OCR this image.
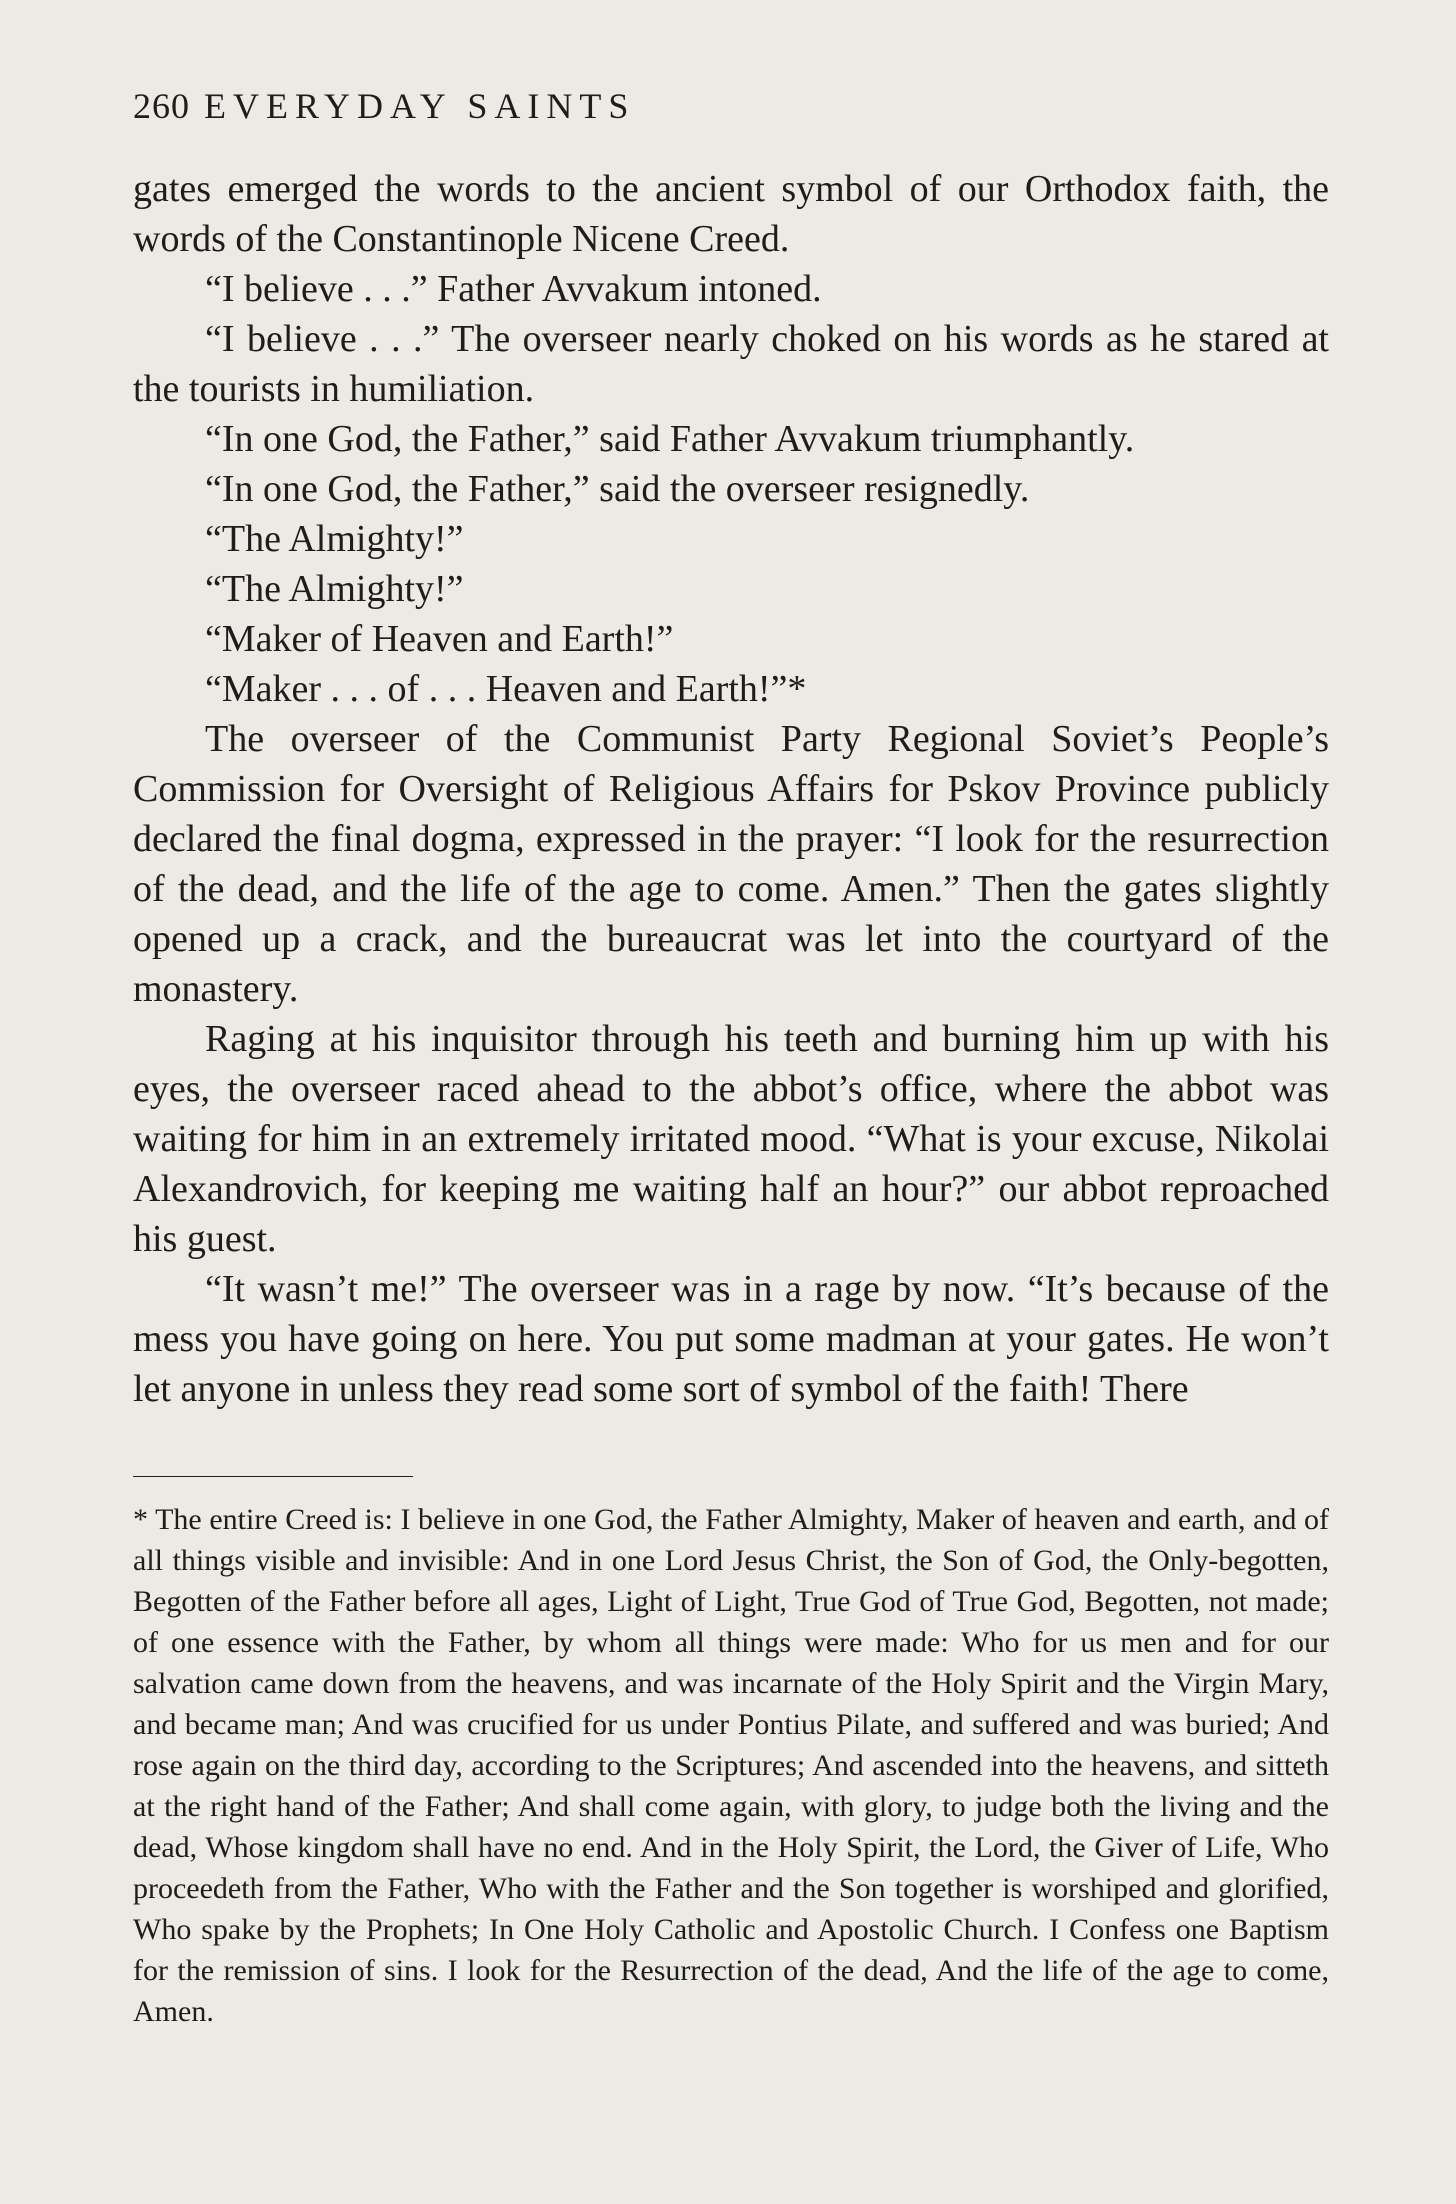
260 EVERYDAY SAINTS

gates emerged the words to the ancient symbol of our Orthodox faith, the words of the Constantinople Nicene Creed.

“I believe . . .” Father Avvakum intoned.

“I believe . . .” The overseer nearly choked on his words as he stared at the tourists in humiliation.

“In one God, the Father,” said Father Avvakum triumphantly.

“In one God, the Father,” said the overseer resignedly.

“The Almighty!”

“The Almighty!”

“Maker of Heaven and Earth!”

“Maker . . . of . . . Heaven and Earth!”*

The overseer of the Communist Party Regional Soviet’s People’s Commission for Oversight of Religious Affairs for Pskov Province publicly declared the final dogma, expressed in the prayer: “I look for the resurrection of the dead, and the life of the age to come. Amen.” Then the gates slightly opened up a crack, and the bureaucrat was let into the courtyard of the monastery.

Raging at his inquisitor through his teeth and burning him up with his eyes, the overseer raced ahead to the abbot’s office, where the abbot was waiting for him in an extremely irritated mood. “What is your excuse, Nikolai Alexandrovich, for keeping me waiting half an hour?” our abbot reproached his guest.

“It wasn’t me!” The overseer was in a rage by now. “It’s because of the mess you have going on here. You put some madman at your gates. He won’t let anyone in unless they read some sort of symbol of the faith! There

* The entire Creed is: I believe in one God, the Father Almighty, Maker of heaven and earth, and of all things visible and invisible: And in one Lord Jesus Christ, the Son of God, the Only-begotten, Begotten of the Father before all ages, Light of Light, True God of True God, Begotten, not made; of one essence with the Father, by whom all things were made: Who for us men and for our salvation came down from the heavens, and was incarnate of the Holy Spirit and the Virgin Mary, and became man; And was crucified for us under Pontius Pilate, and suffered and was buried; And rose again on the third day, according to the Scriptures; And ascended into the heavens, and sitteth at the right hand of the Father; And shall come again, with glory, to judge both the living and the dead, Whose kingdom shall have no end. And in the Holy Spirit, the Lord, the Giver of Life, Who proceedeth from the Father, Who with the Father and the Son together is worshiped and glorified, Who spake by the Prophets; In One Holy Catholic and Apostolic Church. I Confess one Baptism for the remission of sins. I look for the Resurrection of the dead, And the life of the age to come, Amen.
